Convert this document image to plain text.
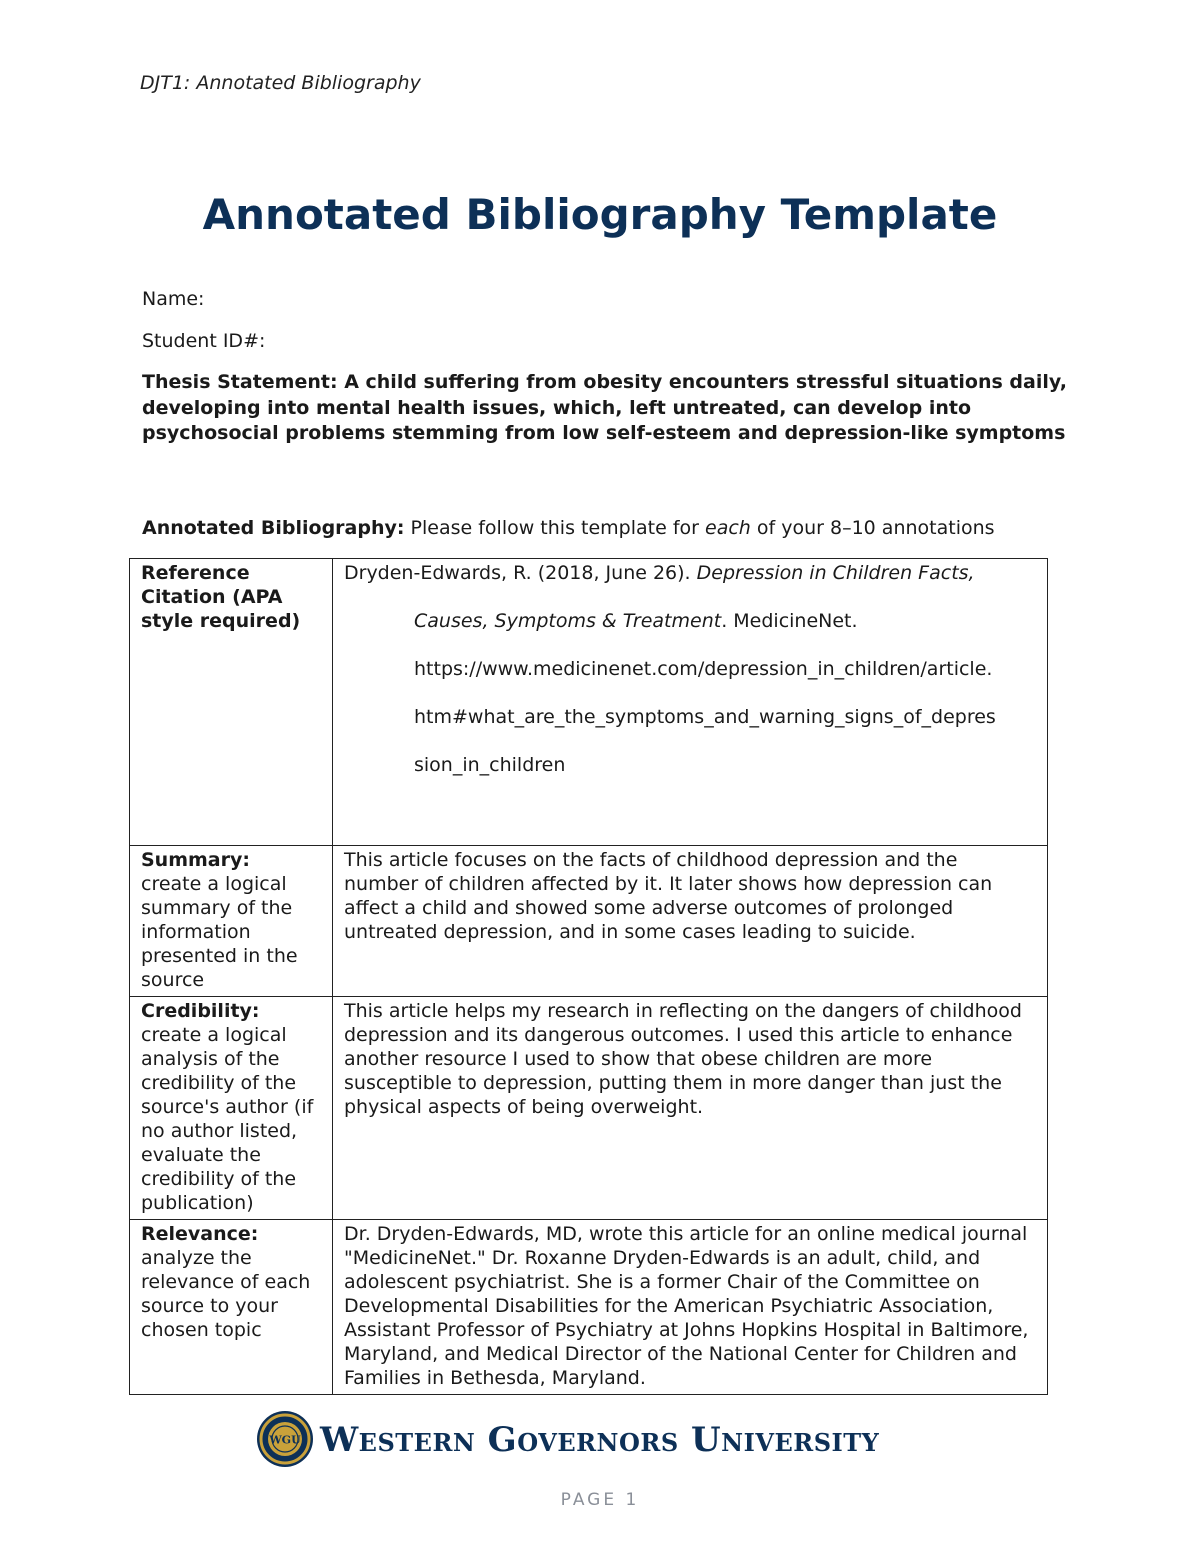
DJT1: Annotated Bibliography
Annotated Bibliography Template
Name:
Student ID#:
Thesis Statement: A child suffering from obesity encounters stressful situations daily, developing into mental health issues, which, left untreated, can develop into psychosocial problems stemming from low self-esteem and depression-like symptoms
Annotated Bibliography: Please follow this template for each of your 8–10 annotations
Reference Citation (APA style required)	Dryden-Edwards, R. (2018, June 26). Depression in Children Facts,
Causes, Symptoms & Treatment. MedicineNet.
https://www.medicinenet.com/depression_in_children/article.
htm#what_are_the_symptoms_and_warning_signs_of_depres
sion_in_children

Summary:
create a logical summary of the information presented in the source	This article focuses on the facts of childhood depression and the number of children affected by it. It later shows how depression can affect a child and showed some adverse outcomes of prolonged untreated depression, and in some cases leading to suicide.

Credibility:
create a logical analysis of the credibility of the source's author (if no author listed, evaluate the credibility of the publication)	This article helps my research in reflecting on the dangers of childhood depression and its dangerous outcomes. I used this article to enhance another resource I used to show that obese children are more susceptible to depression, putting them in more danger than just the physical aspects of being overweight.

Relevance:
analyze the relevance of each source to your chosen topic	Dr. Dryden-Edwards, MD, wrote this article for an online medical journal "MedicineNet." Dr. Roxanne Dryden-Edwards is an adult, child, and adolescent psychiatrist. She is a former Chair of the Committee on Developmental Disabilities for the American Psychiatric Association, Assistant Professor of Psychiatry at Johns Hopkins Hospital in Baltimore, Maryland, and Medical Director of the National Center for Children and Families in Bethesda, Maryland.
WGU Western Governors University
PAGE 1
